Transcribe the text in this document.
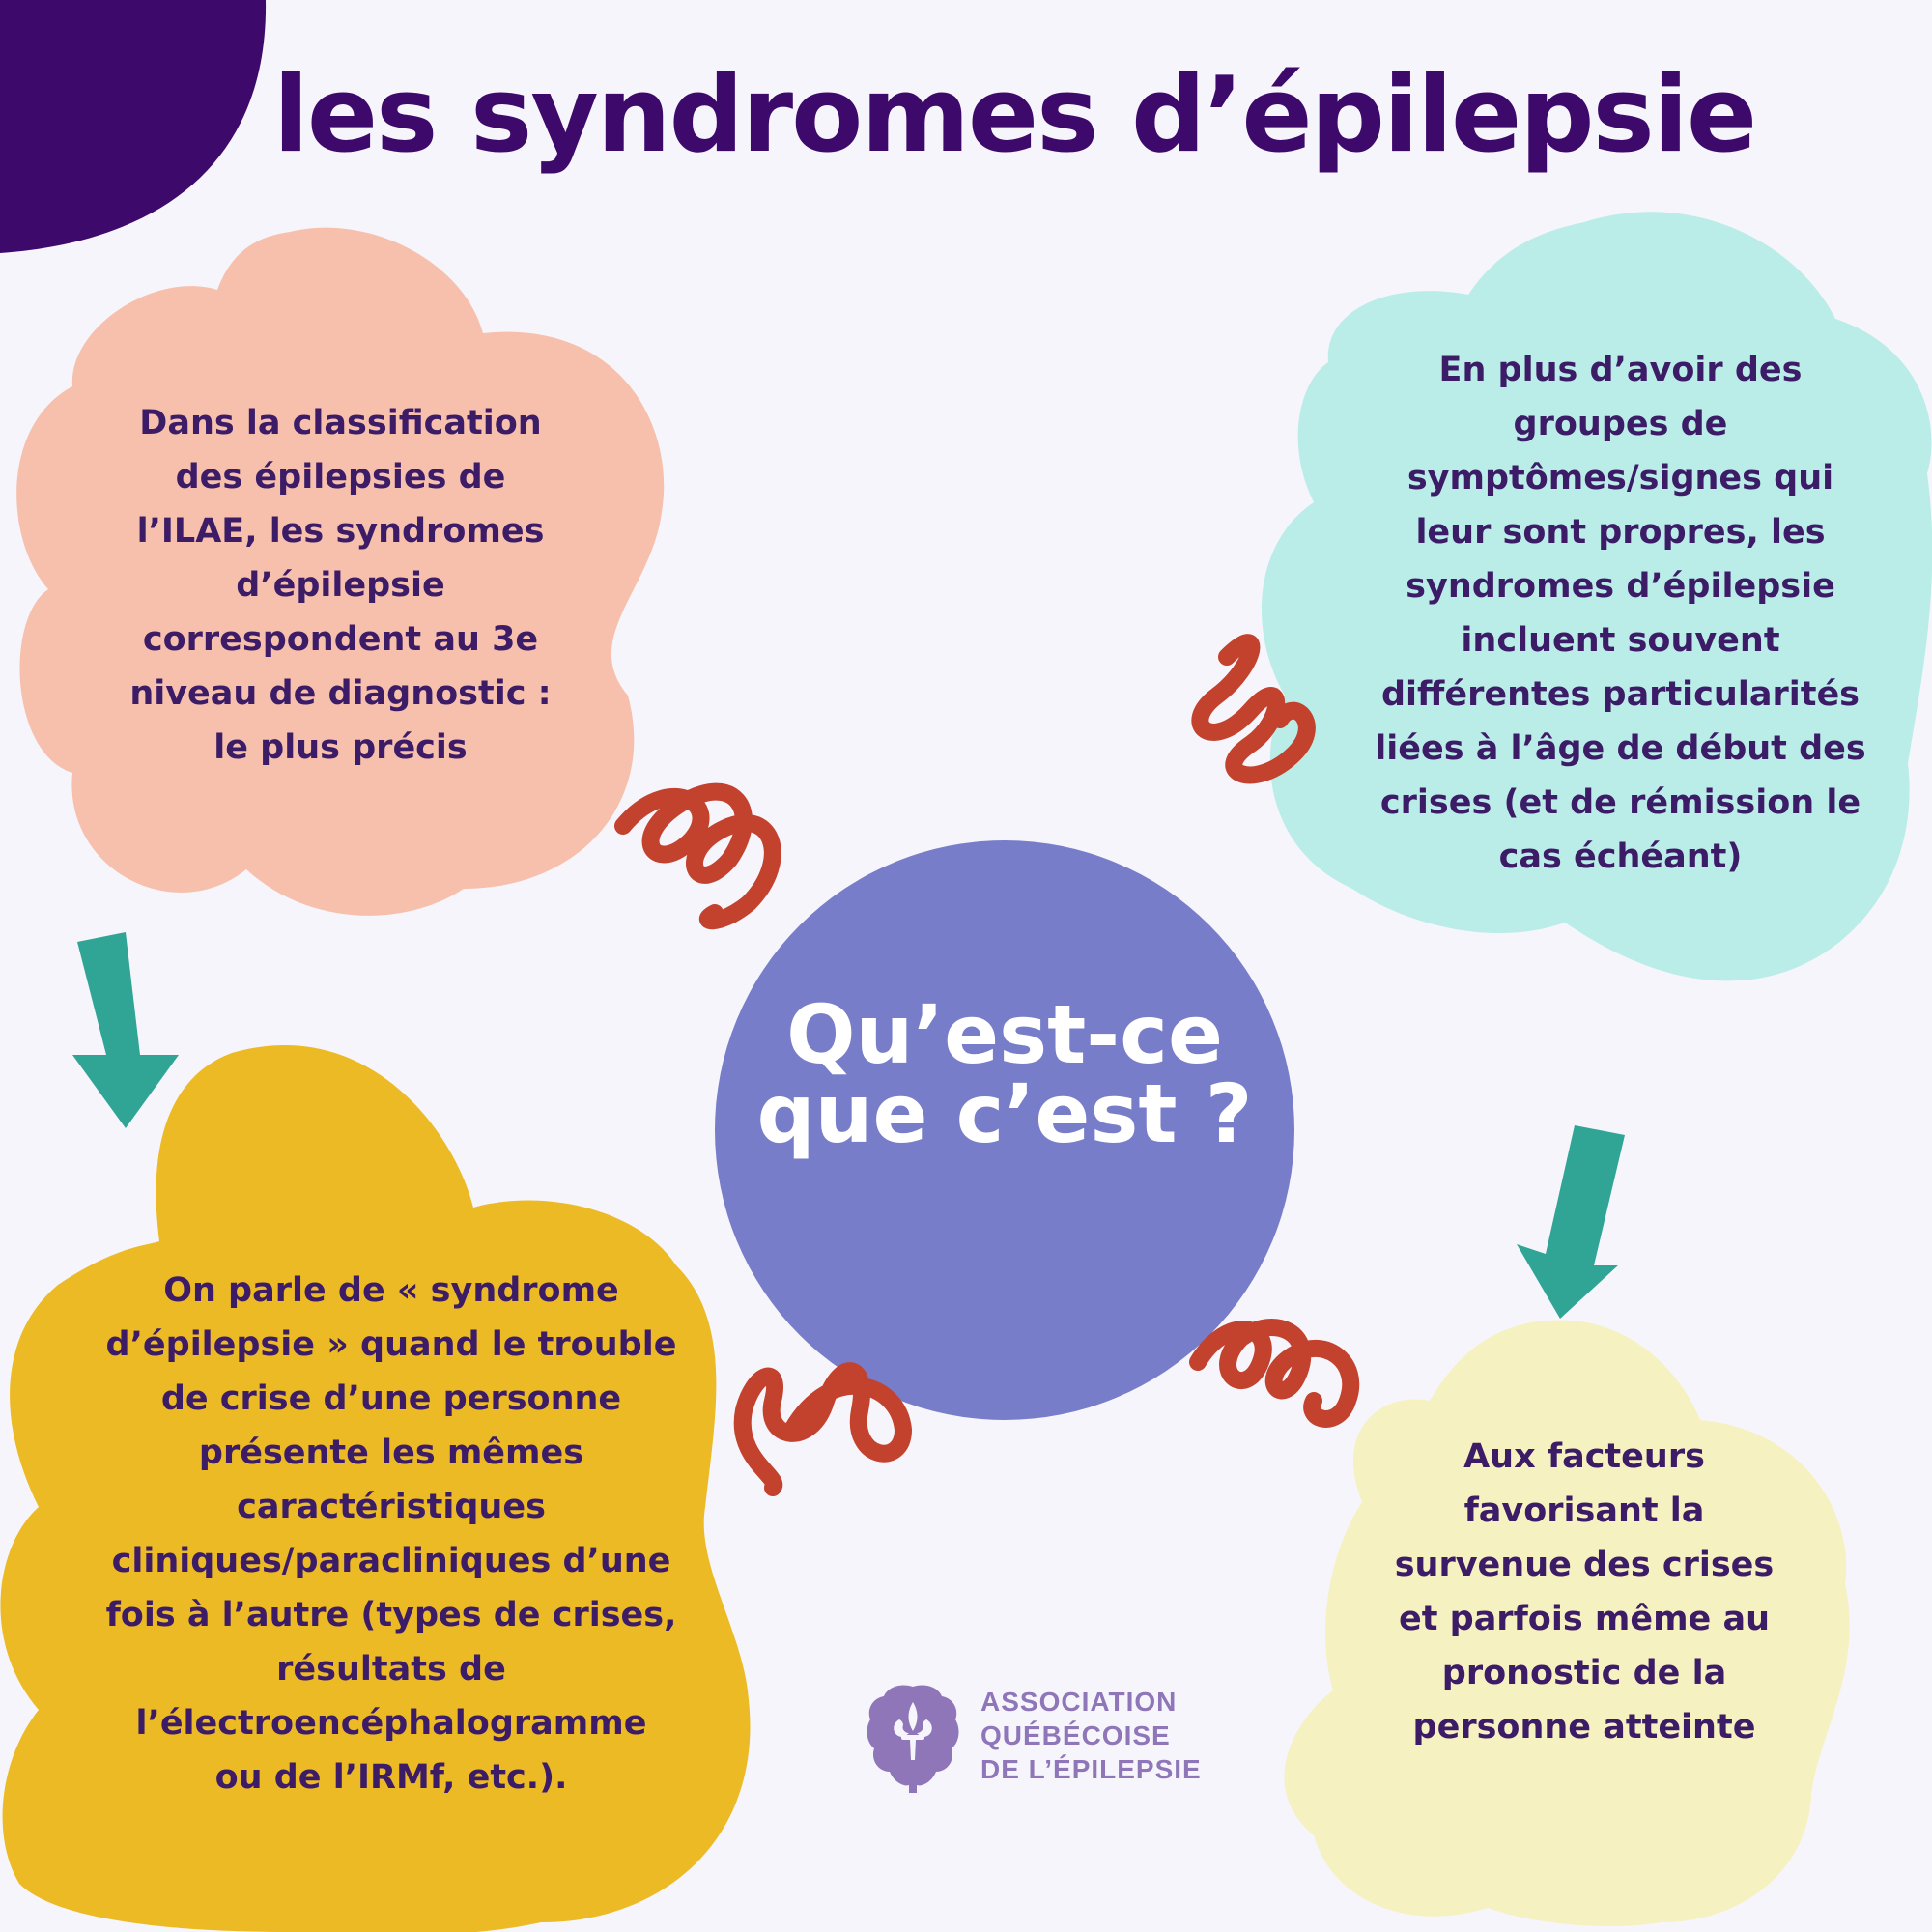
les syndromes d’épilepsie
Dans la classification
des épilepsies de
l’ILAE, les syndromes
d’épilepsie
correspondent au 3e
niveau de diagnostic :
le plus précis
En plus d’avoir des
groupes de
symptômes/signes qui
leur sont propres, les
syndromes d’épilepsie
incluent souvent
différentes particularités
liées à l’âge de début des
crises (et de rémission le
cas échéant)
On parle de « syndrome
d’épilepsie » quand le trouble
de crise d’une personne
présente les mêmes
caractéristiques
cliniques/paracliniques d’une
fois à l’autre (types de crises,
résultats de
l’électroencéphalogramme
ou de l’IRMf, etc.).
Aux facteurs
favorisant la
survenue des crises
et parfois même au
pronostic de la
personne atteinte
Qu’est-ce
que c’est ?
ASSOCIATION
QUÉBÉCOISE
DE L’ÉPILEPSIE
